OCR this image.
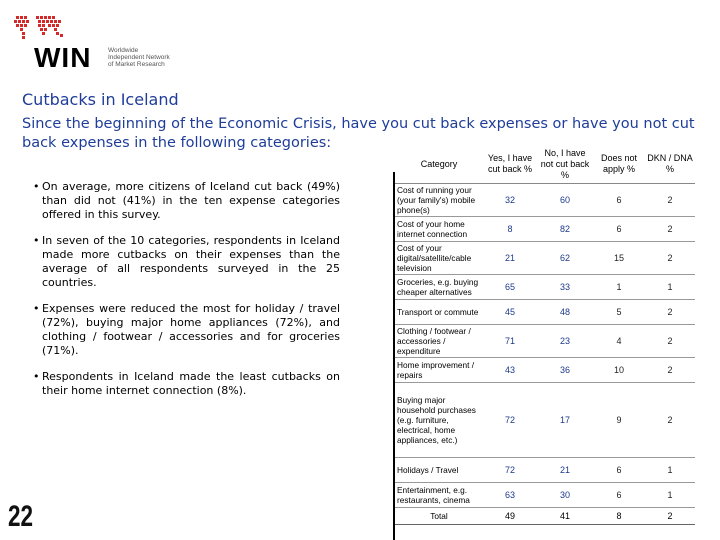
WIN	Worldwide
Independent Network
of Market Research
Cutbacks in Iceland
Since the beginning of the Economic Crisis, have you cut back expenses or have you not cut back expenses in the following categories:
• On average, more citizens of Iceland cut back (49%) than did not (41%) in the ten expense categories offered in this survey.
• In seven of the 10 categories, respondents in Iceland made more cutbacks on their expenses than the average of all respondents surveyed in the 25 countries.
• Expenses were reduced the most for holiday / travel (72%), buying major home appliances (72%), and clothing / footwear / accessories and for groceries (71%).
• Respondents in Iceland made the least cutbacks on their home internet connection (8%).
Category	Yes, I have cut back %	No, I have not cut back %	Does not apply %	DKN / DNA %
Cost of running your (your family's) mobile phone(s)	32	60	6	2
Cost of your home internet connection	8	82	6	2
Cost of your digital/satellite/cable television	21	62	15	2
Groceries, e.g. buying cheaper alternatives	65	33	1	1
Transport or commute	45	48	5	2
Clothing / footwear / accessories / expenditure	71	23	4	2
Home improvement / repairs	43	36	10	2
Buying major household purchases (e.g. furniture, electrical, home appliances, etc.)	72	17	9	2
Holidays / Travel	72	21	6	1
Entertainment, e.g. restaurants, cinema	63	30	6	1
Total	49	41	8	2
22
